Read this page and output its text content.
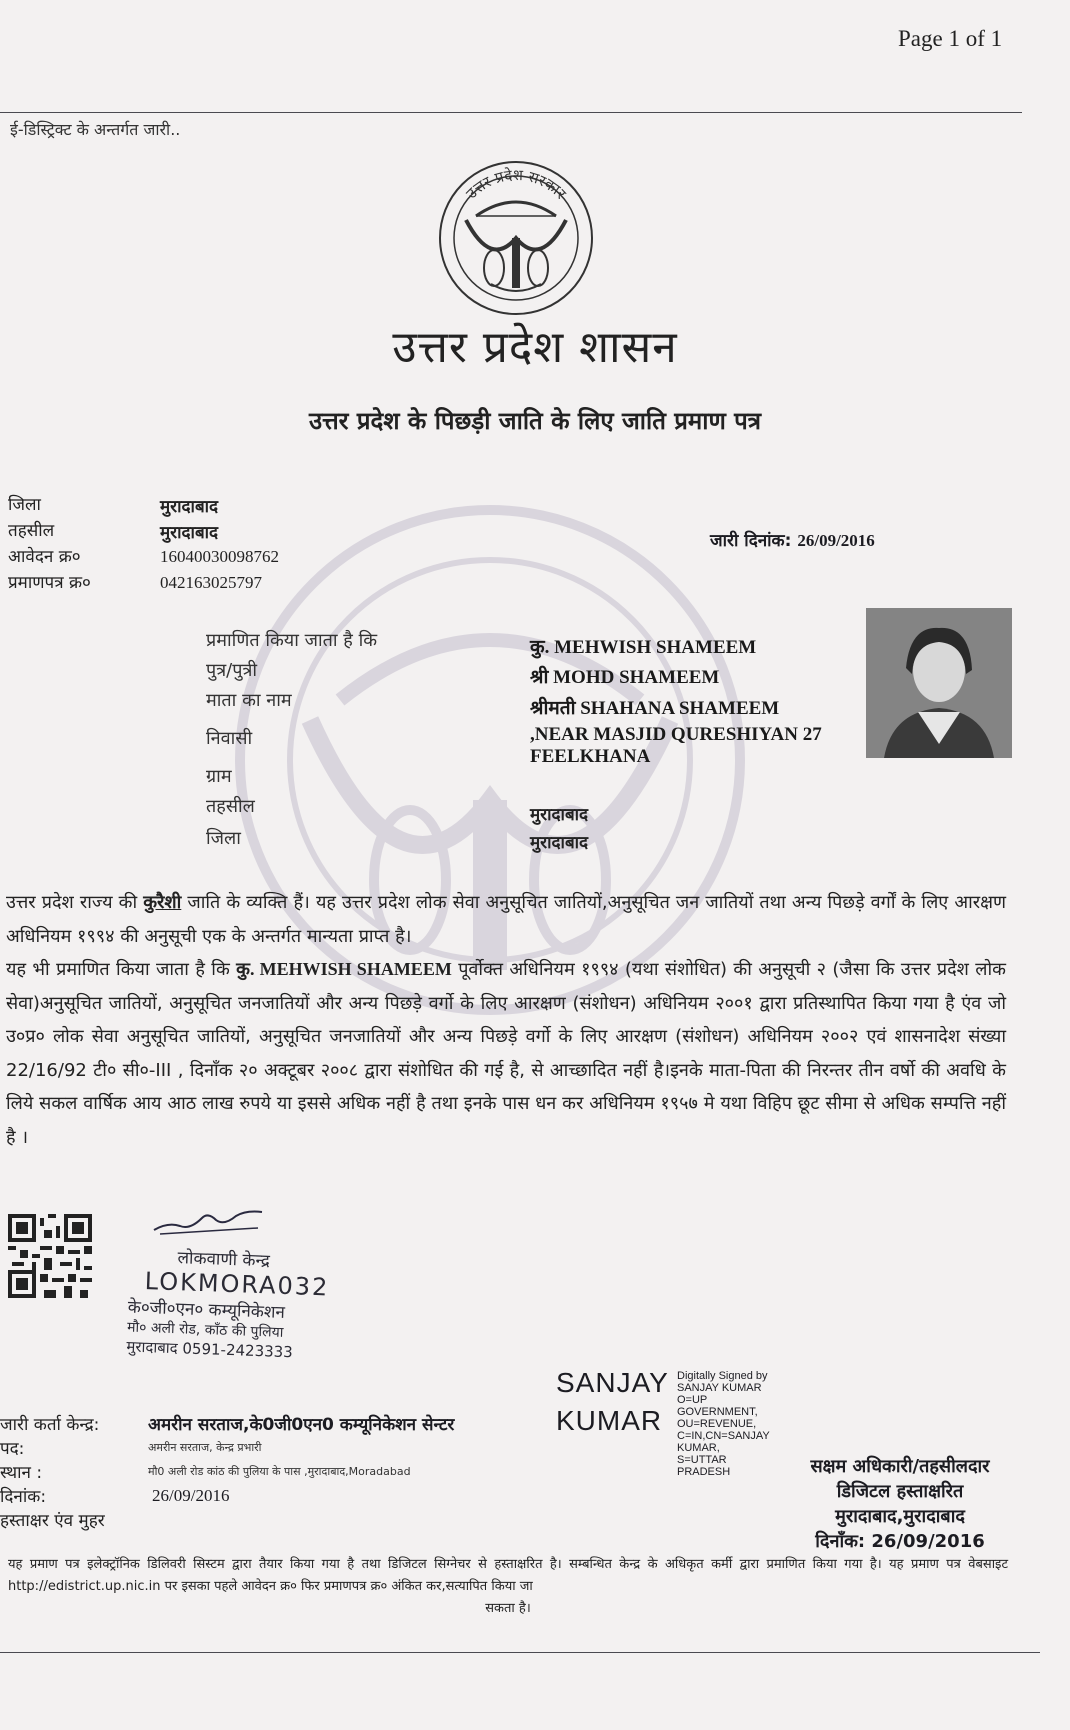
Page 1 of 1
ई-डिस्ट्रिक्ट के अन्तर्गत जारी..
उत्तर प्रदेश सरकार
उत्तर प्रदेश शासन
उत्तर प्रदेश के पिछड़ी जाति के लिए जाति प्रमाण पत्र
जिला	मुरादाबाद
तहसील	मुरादाबाद
आवेदन क्र०	16040030098762
प्रमाणपत्र क्र०	042163025797
जारी दिनांक: 26/09/2016
प्रमाणित किया जाता है कि	कु. MEHWISH SHAMEEM
पुत्र/पुत्री	श्री MOHD SHAMEEM
माता का नाम	श्रीमती SHAHANA SHAMEEM
निवासी	,NEAR MASJID QURESHIYAN 27
FEELKHANA
ग्राम
तहसील	मुरादाबाद
जिला	मुरादाबाद
उत्तर प्रदेश राज्य की कुरैशी जाति के व्यक्ति हैं। यह उत्तर प्रदेश लोक सेवा अनुसूचित जातियों,अनुसूचित जन जातियों तथा अन्य पिछड़े वर्गों के लिए आरक्षण अधिनियम १९९४ की अनुसूची एक के अन्तर्गत मान्यता प्राप्त है।
यह भी प्रमाणित किया जाता है कि कु. MEHWISH SHAMEEM पूर्वोक्त अधिनियम १९९४ (यथा संशोधित) की अनुसूची २ (जैसा कि उत्तर प्रदेश लोक सेवा)अनुसूचित जातियों, अनुसूचित जनजातियों और अन्य पिछड़े वर्गो के लिए आरक्षण (संशोधन) अधिनियम २००१ द्वारा प्रतिस्थापित किया गया है एंव जो उ०प्र० लोक सेवा अनुसूचित जातियों, अनुसूचित जनजातियों और अन्य पिछड़े वर्गो के लिए आरक्षण (संशोधन) अधिनियम २००२ एवं शासनादेश संख्या 22/16/92 टी० सी०-III , दिनाँक २० अक्टूबर २००८ द्वारा संशोधित की गई है, से आच्छादित नहीं है।इनके माता-पिता की निरन्तर तीन वर्षो की अवधि के लिये सकल वार्षिक आय आठ लाख रुपये या इससे अधिक नहीं है तथा इनके पास धन कर अधिनियम १९५७ मे यथा विहिप छूट सीमा से अधिक सम्पत्ति नहीं है ।
लोकवाणी केन्द्र
LOKMORA032
के०जी०एन० कम्यूनिकेशन
मौ० अली रोड, काँठ की पुलिया
मुरादाबाद 0591-2423333
SANJAY
KUMAR
Digitally Signed by
SANJAY KUMAR
O=UP
GOVERNMENT,
OU=REVENUE,
C=IN,CN=SANJAY
KUMAR,
S=UTTAR
PRADESH
जारी कर्ता केन्द्र:	अमरीन सरताज,के0जी0एन0 कम्यूनिकेशन सेन्टर
पद:	अमरीन सरताज, केन्द्र प्रभारी
स्थान :	मौ0 अली रोड कांठ की पुलिया के पास ,मुरादाबाद,Moradabad
दिनांक:	26/09/2016
हस्ताक्षर एंव मुहर
सक्षम अधिकारी/तहसीलदार
डिजिटल हस्ताक्षरित
मुरादाबाद,मुरादाबाद
दिनाँक: 26/09/2016
यह प्रमाण पत्र इलेक्ट्रॉनिक डिलिवरी सिस्टम द्वारा तैयार किया गया है तथा डिजिटल सिग्नेचर से हस्ताक्षरित है। सम्बन्धित केन्द्र के अधिकृत कर्मी द्वारा प्रमाणित किया गया है। यह प्रमाण पत्र वेबसाइट http://edistrict.up.nic.in पर इसका पहले आवेदन क्र० फिर प्रमाणपत्र क्र० अंकित कर,सत्यापित किया जा
सकता है।
